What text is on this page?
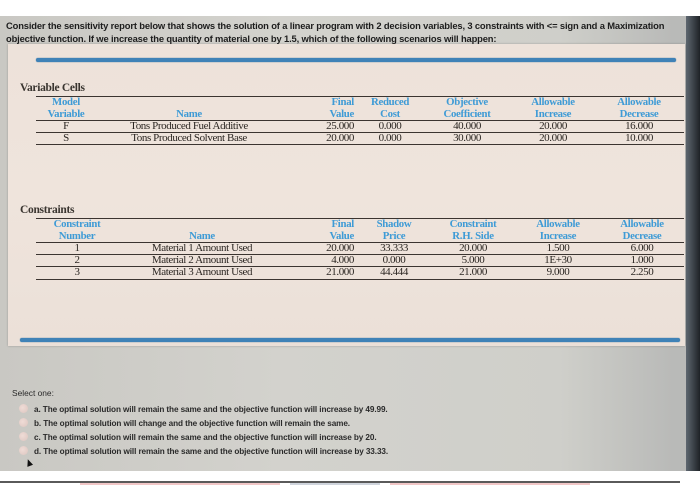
Consider the sensitivity report below that shows the solution of a linear program with 2 decision variables, 3 constraints with <= sign and a Maximization objective function. If we increase the quantity of material one by 1.5, which of the following scenarios will happen:
Variable Cells
Model		Final	Reduced	Objective	Allowable	Allowable
Variable	Name	Value	Cost	Coefficient	Increase	Decrease
F	Tons Produced Fuel Additive	25.000	0.000	40.000	20.000	16.000
S	Tons Produced Solvent Base	20.000	0.000	30.000	20.000	10.000
Constraints
Constraint		Final	Shadow	Constraint	Allowable	Allowable
Number	Name	Value	Price	R.H. Side	Increase	Decrease
1	Material 1 Amount Used	20.000	33.333	20.000	1.500	6.000
2	Material 2 Amount Used	4.000	0.000	5.000	1E+30	1.000
3	Material 3 Amount Used	21.000	44.444	21.000	9.000	2.250
Select one:
a. The optimal solution will remain the same and the objective function will increase by 49.99.
b. The optimal solution will change and the objective function will remain the same.
c. The optimal solution will remain the same and the objective function will increase by 20.
d. The optimal solution will remain the same and the objective function will increase by 33.33.
